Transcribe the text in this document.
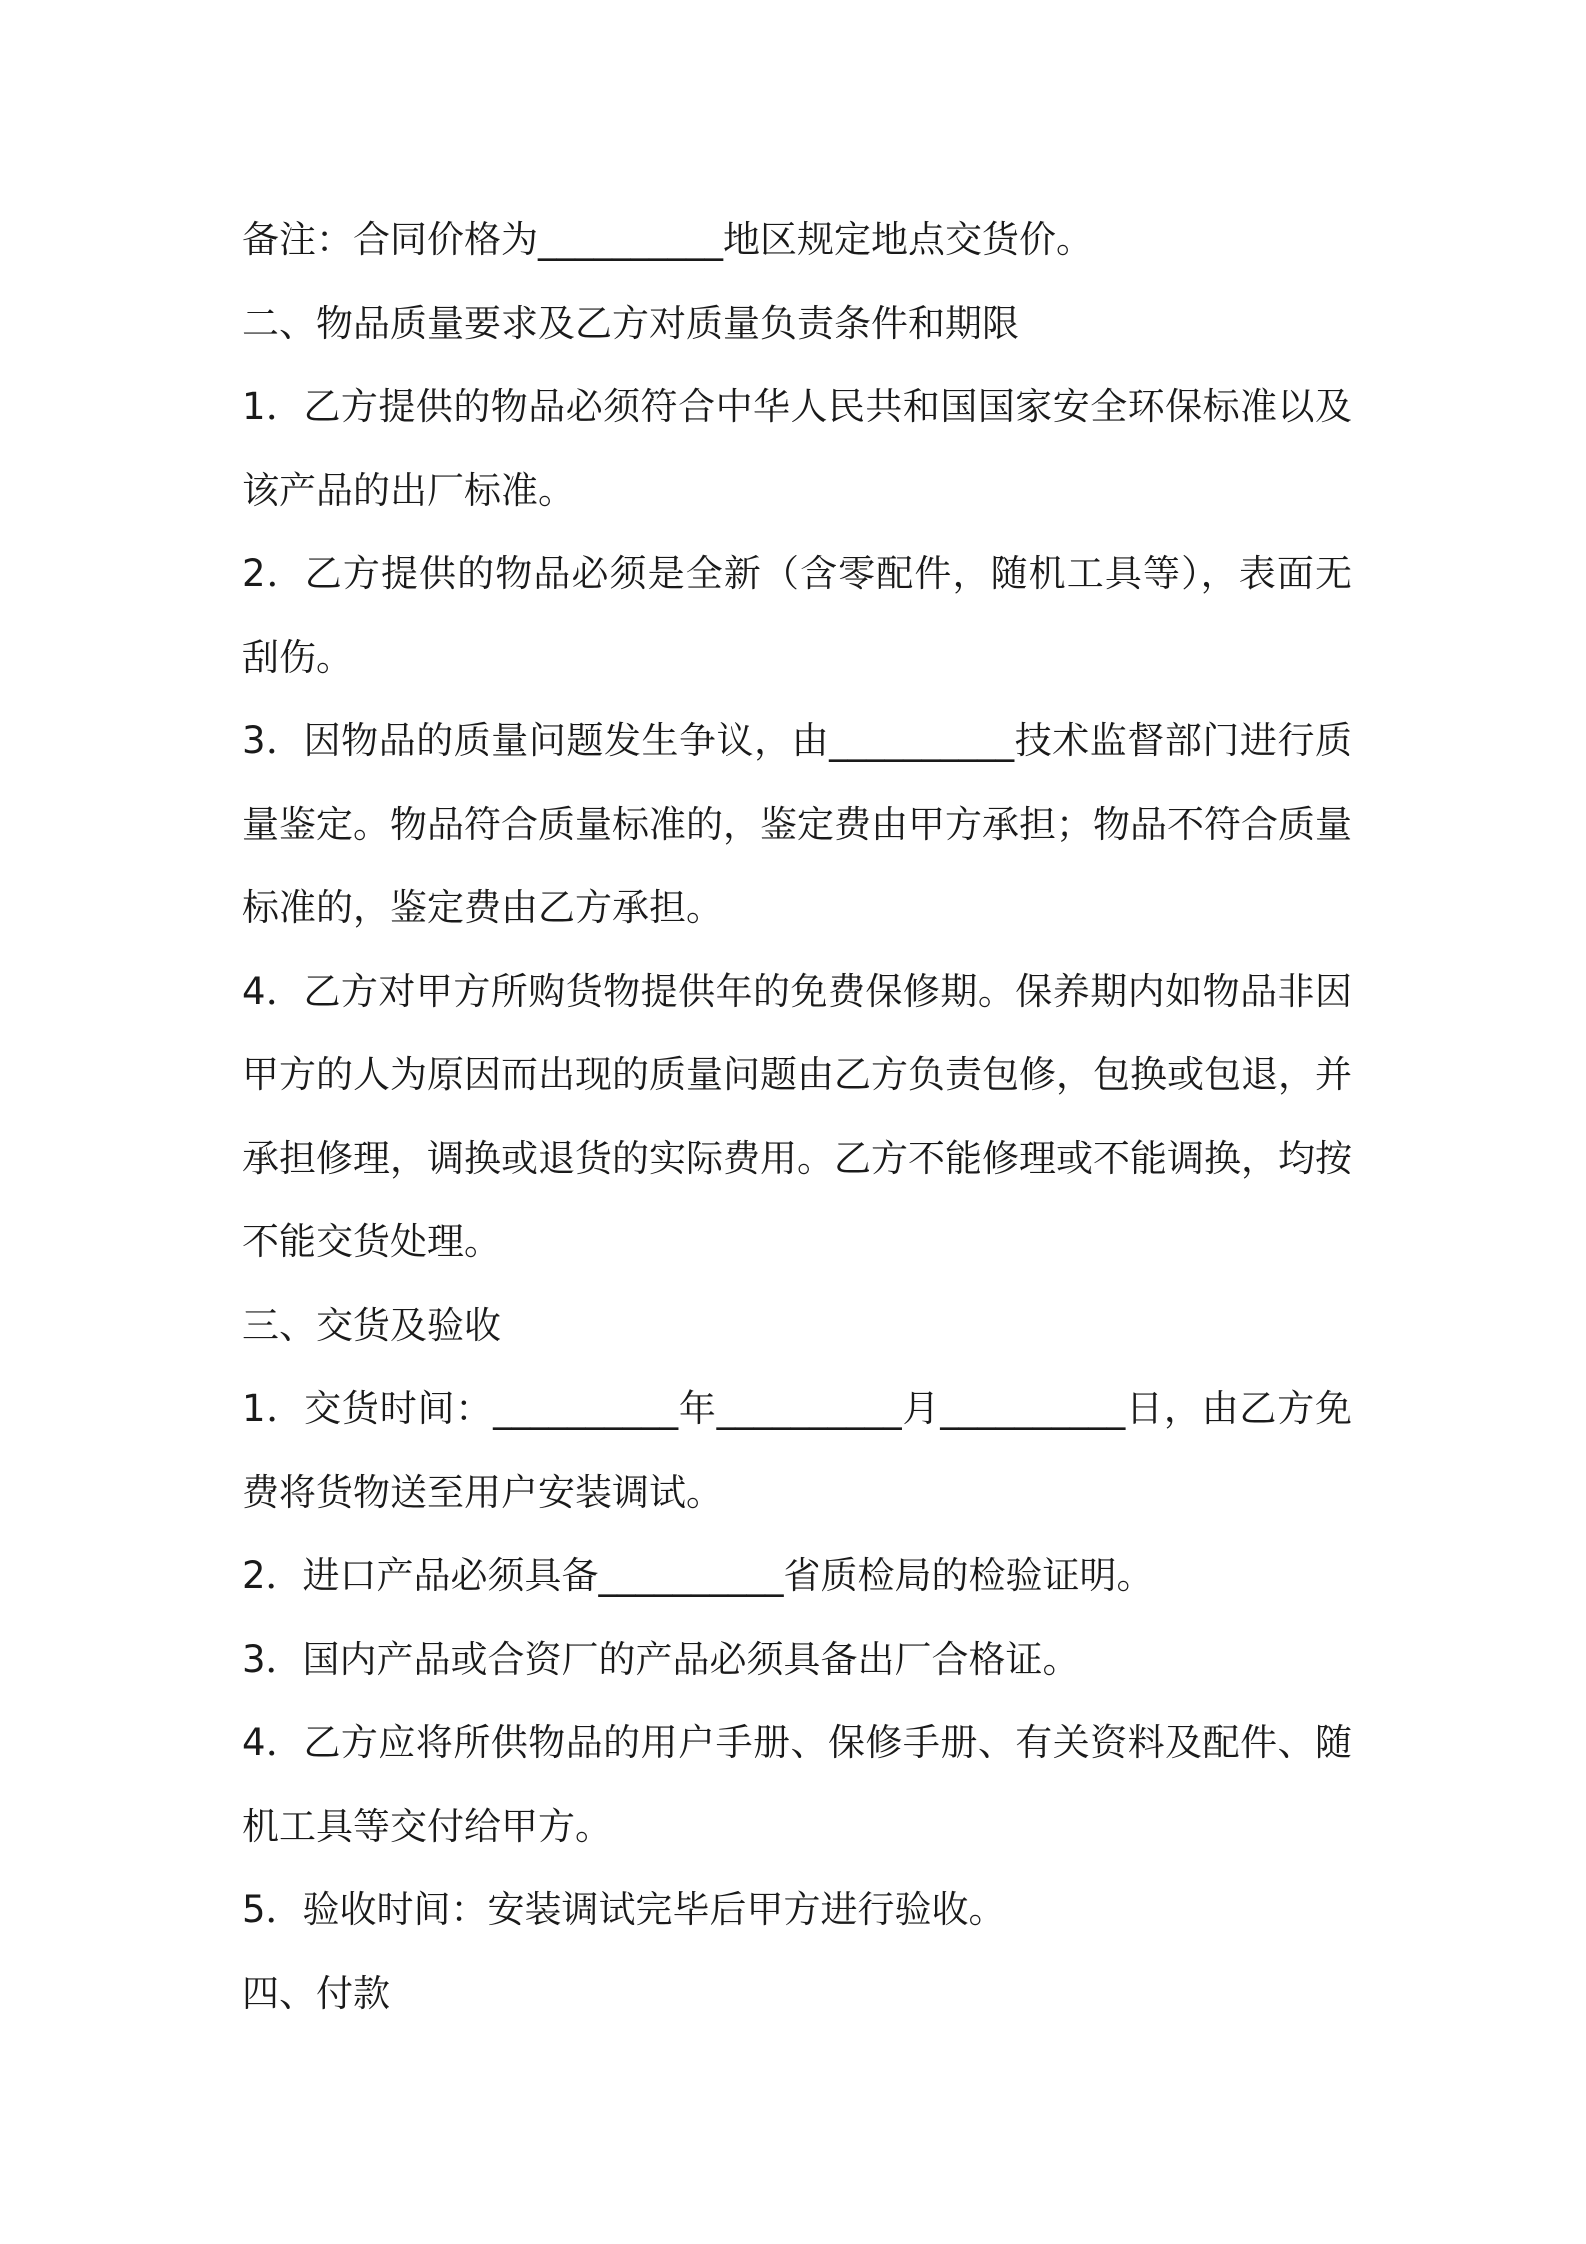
备注：合同价格为__________地区规定地点交货价。

二、物品质量要求及乙方对质量负责条件和期限

1．乙方提供的物品必须符合中华人民共和国国家安全环保标准以及该产品的出厂标准。

2．乙方提供的物品必须是全新（含零配件，随机工具等），表面无刮伤。

3．因物品的质量问题发生争议，由__________技术监督部门进行质量鉴定。物品符合质量标准的，鉴定费由甲方承担；物品不符合质量标准的，鉴定费由乙方承担。

4．乙方对甲方所购货物提供年的免费保修期。保养期内如物品非因甲方的人为原因而出现的质量问题由乙方负责包修，包换或包退，并承担修理，调换或退货的实际费用。乙方不能修理或不能调换，均按不能交货处理。

三、交货及验收

1．交货时间：__________年__________月__________日，由乙方免费将货物送至用户安装调试。

2．进口产品必须具备__________省质检局的检验证明。

3．国内产品或合资厂的产品必须具备出厂合格证。

4．乙方应将所供物品的用户手册、保修手册、有关资料及配件、随机工具等交付给甲方。

5．验收时间：安装调试完毕后甲方进行验收。

四、付款
